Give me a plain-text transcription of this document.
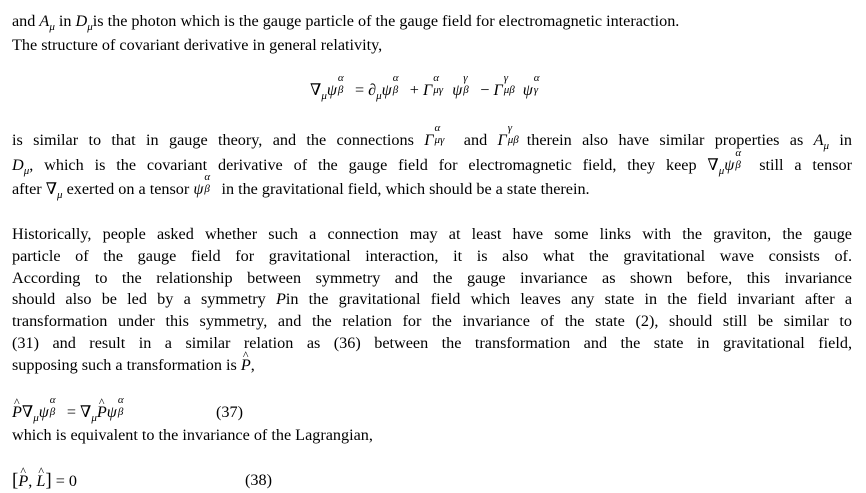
and $A_\mu$ in $D_\mu is$ the photon which is the gauge particle of the gauge field for electromagnetic interaction.
The structure of covariant derivative in general relativity,
$\nabla_\mu\psi$
α
$\beta = \partial_\mu\psi$
α
β + Γ
α
μγ ψ
γ
β − Γ
γ
μβ ψ
α
γ
is similar to that in gauge theory, and the connections Γ
α
μγ and Γ
γ
μβ therein also have similar properties as $A_\mu$ in
$D_\mu$, which is the covariant derivative of the gauge field for electromagnetic field, they keep $\nabla_\mu\psi$
α
β still a tensor
after $\nabla_\mu$ exerted on a tensor ψ
α
β in the gravitational field, which should be a state therein.
Historically, people asked whether such a connection may at least have some links with the graviton, the gauge
particle of the gauge field for gravitational interaction, it is also what the gravitational wave consists of.
According to the relationship between symmetry and the gauge invariance as shown before, this invariance
should also be led by a symmetry Pin the gravitational field which leaves any state in the field invariant after a
transformation under this symmetry, and the relation for the invariance of the state (2), should still be similar to
(31) and result in a similar relation as (36) between the transformation and the state in gravitational field,
supposing such a transformation is ^ P,
^ $P\nabla_\mu\psi$
α
$\beta = \nabla_\mu\^{}$ Pψ
α
β	(37)
which is equivalent to the invariance of the Lagrangian,
[^ P, ^ L] = 0	(38)
